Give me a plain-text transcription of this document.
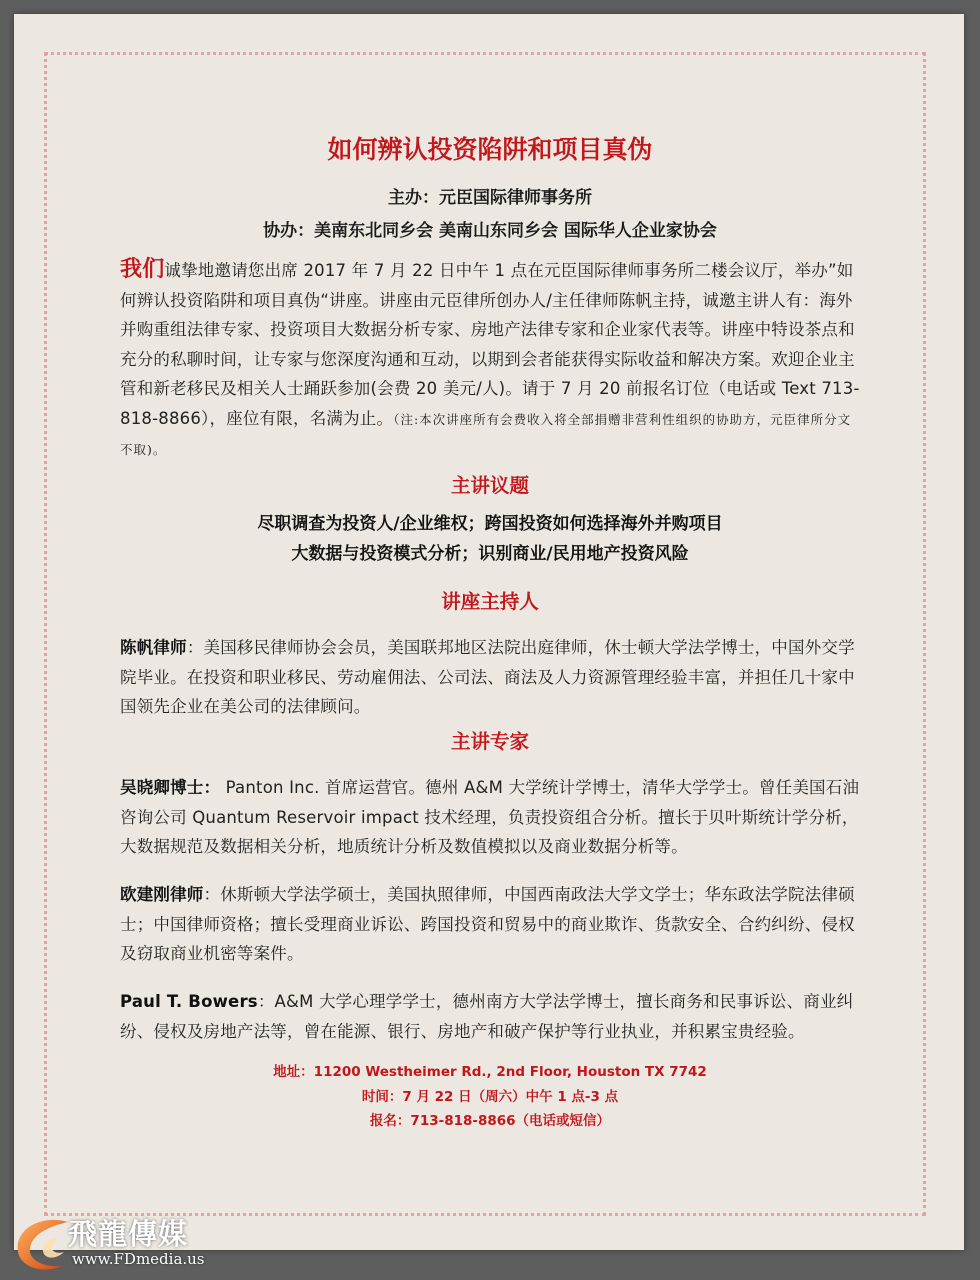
如何辨认投资陷阱和项目真伪
主办：元臣国际律师事务所
协办：美南东北同乡会 美南山东同乡会 国际华人企业家协会
我们诚挚地邀请您出席 2017 年 7 月 22 日中午 1 点在元臣国际律师事务所二楼会议厅，举办”如何辨认投资陷阱和项目真伪“讲座。讲座由元臣律所创办人/主任律师陈帆主持，诚邀主讲人有：海外并购重组法律专家、投资项目大数据分析专家、房地产法律专家和企业家代表等。讲座中特设茶点和充分的私聊时间，让专家与您深度沟通和互动，以期到会者能获得实际收益和解决方案。欢迎企业主管和新老移民及相关人士踊跃参加(会费 20 美元/人)。请于 7 月 20 前报名订位（电话或 Text 713-818-8866），座位有限，名满为止。（注:本次讲座所有会费收入将全部捐赠非营利性组织的协助方，元臣律所分文不取)。
主讲议题
尽职调查为投资人/企业维权；跨国投资如何选择海外并购项目
大数据与投资模式分析；识别商业/民用地产投资风险
讲座主持人
陈帆律师：美国移民律师协会会员，美国联邦地区法院出庭律师，休士顿大学法学博士，中国外交学院毕业。在投资和职业移民、劳动雇佣法、公司法、商法及人力资源管理经验丰富，并担任几十家中国领先企业在美公司的法律顾问。
主讲专家
吴晓卿博士： Panton Inc. 首席运营官。德州 A&M 大学统计学博士，清华大学学士。曾任美国石油咨询公司 Quantum Reservoir impact 技术经理，负责投资组合分析。擅长于贝叶斯统计学分析，大数据规范及数据相关分析，地质统计分析及数值模拟以及商业数据分析等。
欧建刚律师：休斯顿大学法学硕士，美国执照律师，中国西南政法大学文学士；华东政法学院法律硕士；中国律师资格；擅长受理商业诉讼、跨国投资和贸易中的商业欺诈、货款安全、合约纠纷、侵权及窃取商业机密等案件。
Paul T. Bowers：A&M 大学心理学学士，德州南方大学法学博士，擅长商务和民事诉讼、商业纠纷、侵权及房地产法等，曾在能源、银行、房地产和破产保护等行业执业，并积累宝贵经验。
地址：11200 Westheimer Rd., 2nd Floor, Houston TX 7742
时间：7 月 22 日（周六）中午 1 点-3 点
报名：713-818-8866（电话或短信）
飛龍傳媒
www.FDmedia.us
